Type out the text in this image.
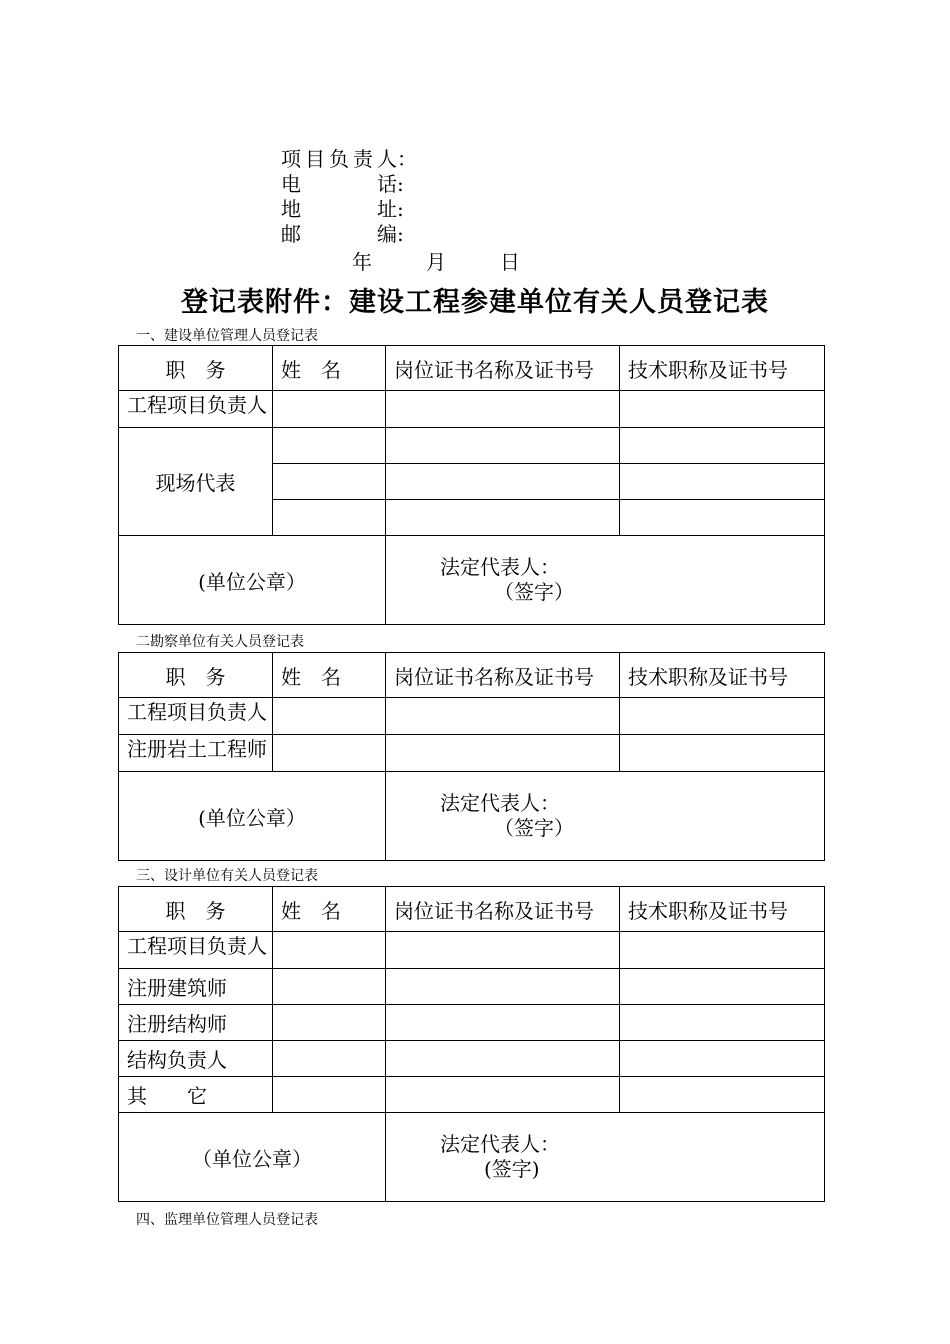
项 目 负 责 人 ：
电	话 :
地	址 :
邮	编 :
年	月	日
登记表附件：建设工程参建单位有关人员登记表
一、建设单位管理人员登记表
职　务	姓　名	岗位证书名称及证书号	技术职称及证书号
工程项目负责人			
现场代表			

(单位公章）		法定代表人：
（签字）	
二勘察单位有关人员登记表
职　务	姓　名	岗位证书名称及证书号	技术职称及证书号
工程项目负责人			
注册岩土工程师			
(单位公章）		法定代表人：
（签字）	
三、设计单位有关人员登记表
职　务	姓　名	岗位证书名称及证书号	技术职称及证书号
工程项目负责人			
注册建筑师			
注册结构师			
结构负责人			
其　　它			
（单位公章）		法定代表人：
(签字)	
四、监理单位管理人员登记表
